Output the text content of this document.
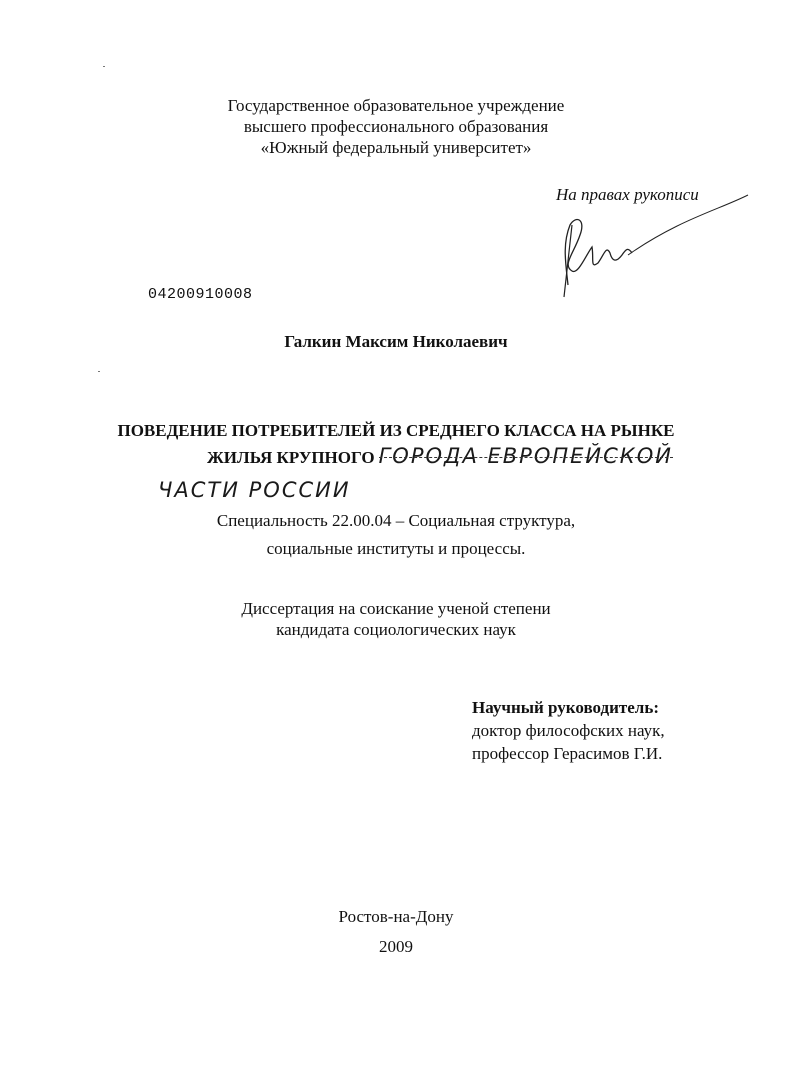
Государственное образовательное учреждение
высшего профессионального образования
«Южный федеральный университет»
На правах рукописи
04200910008
Галкин Максим Николаевич
ПОВЕДЕНИЕ ПОТРЕБИТЕЛЕЙ ИЗ СРЕДНЕГО КЛАССА НА РЫНКЕ
ЖИЛЬЯ КРУПНОГО ГОРОДА ЕВРОПЕЙСКОЙ
ЧАСТИ РОССИИ
Специальность 22.00.04 – Социальная структура,
социальные институты и процессы.
Диссертация на соискание ученой степени
кандидата социологических наук
Научный руководитель:
доктор философских наук,
профессор Герасимов Г.И.
Ростов-на-Дону
2009
